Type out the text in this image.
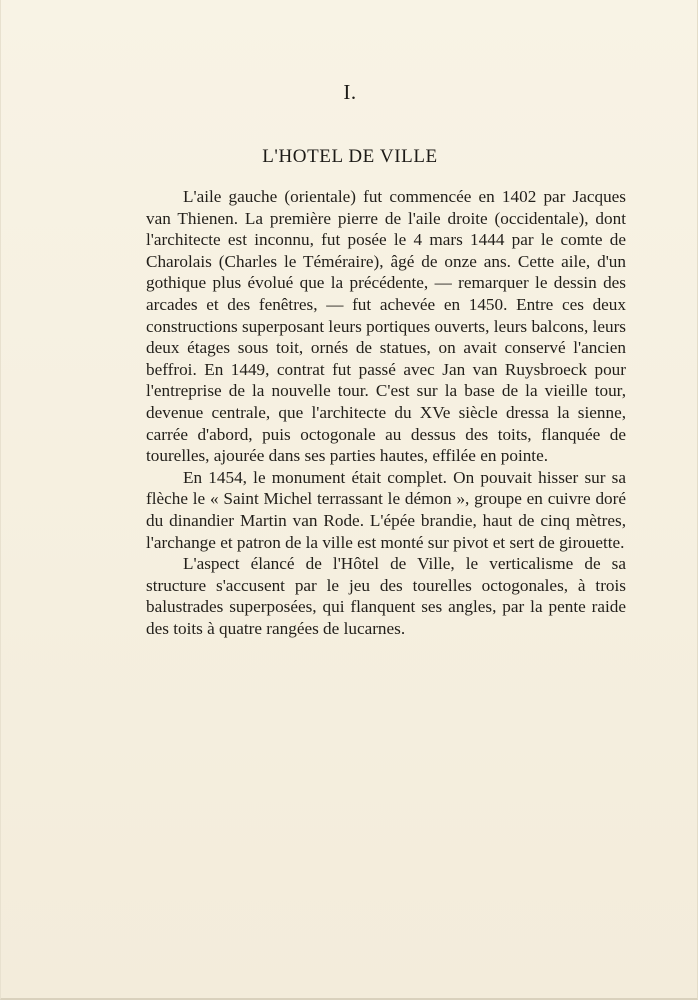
I.
L'HOTEL DE VILLE

L'aile gauche (orientale) fut commencée en 1402 par Jacques van Thienen. La première pierre de l'aile droite (occidentale), dont l'architecte est inconnu, fut posée le 4 mars 1444 par le comte de Charolais (Charles le Téméraire), âgé de onze ans. Cette aile, d'un gothique plus évolué que la précédente, — remarquer le dessin des arcades et des fenêtres, — fut achevée en 1450. Entre ces deux constructions superposant leurs portiques ouverts, leurs balcons, leurs deux étages sous toit, ornés de statues, on avait conservé l'ancien beffroi. En 1449, contrat fut passé avec Jan van Ruysbroeck pour l'entreprise de la nouvelle tour. C'est sur la base de la vieille tour, devenue centrale, que l'architecte du XVe siècle dressa la sienne, carrée d'abord, puis octogonale au dessus des toits, flanquée de tourelles, ajourée dans ses parties hautes, effilée en pointe.

En 1454, le monument était complet. On pouvait hisser sur sa flèche le « Saint Michel terrassant le démon », groupe en cuivre doré du dinandier Martin van Rode. L'épée brandie, haut de cinq mètres, l'archange et patron de la ville est monté sur pivot et sert de girouette.

L'aspect élancé de l'Hôtel de Ville, le verticalisme de sa structure s'accusent par le jeu des tourelles octogonales, à trois balustrades superposées, qui flanquent ses angles, par la pente raide des toits à quatre rangées de lucarnes.
